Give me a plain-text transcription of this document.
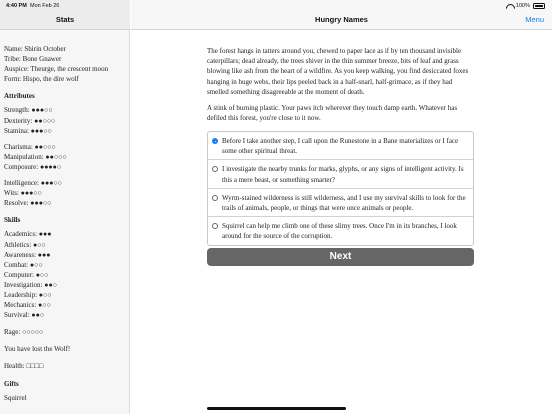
4:40 PM Mon Feb 26	100%
Stats
Name: Shirin October
Tribe: Bone Gnawer
Auspice: Theurge, the crescent moon
Form: Hispo, the dire wolf
Attributes
Strength: ●●●○○
Dexterity: ●●○○○
Stamina: ●●●○○
Charisma: ●●○○○
Manipulation: ●●○○○
Composure: ●●●●○
Intelligence: ●●●○○
Wits: ●●●○○
Resolve: ●●●○○
Skills
Academics: ●●●
Athletics: ●○○
Awareness: ●●●
Combat: ●○○
Computer: ●○○
Investigation: ●●○
Leadership: ●○○
Mechanics: ●○○
Survival: ●●○
Rage: ○○○○○
You have lost the Wolf!
Health: □□□□
Gifts
Squirrel
Hungry Names	Menu

The forest hangs in tatters around you, chewed to paper lace as if by ten thousand invisible caterpillars; dead already, the trees shiver in the thin summer breeze, bits of leaf and grass blowing like ash from the heart of a wildfire. As you keep walking, you find desiccated foxes hanging in huge webs, their lips peeled back in a half-snarl, half-grimace, as if they had smelled something disagreeable at the moment of death.

A stink of burning plastic. Your paws itch wherever they touch damp earth. Whatever has defiled this forest, you're close to it now.

Before I take another step, I call upon the Runestone in a Bane materializes or I face some other spiritual threat.
I investigate the nearby trunks for marks, glyphs, or any signs of intelligent activity. Is this a mere beast, or something smarter?
Wyrm-stained wilderness is still wilderness, and I use my survival skills to look for the trails of animals, people, or things that were once animals or people.
Squirrel can help me climb one of these slimy trees. Once I'm in its branches, I look around for the source of the corruption.
Next
